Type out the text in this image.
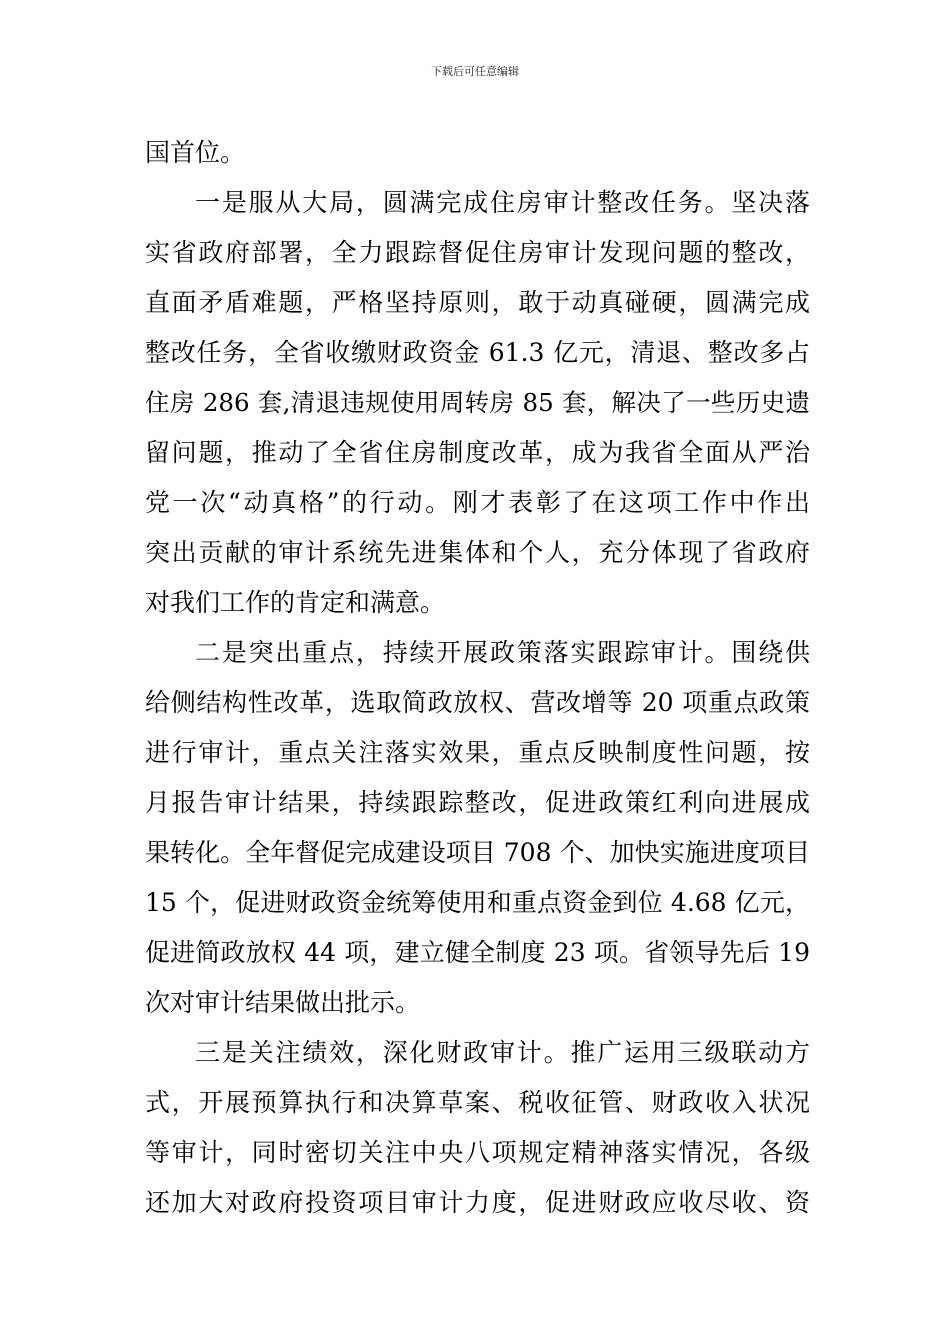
下载后可任意编辑
国首位。
一是服从大局，圆满完成住房审计整改任务。坚决落
实省政府部署，全力跟踪督促住房审计发现问题的整改，
直面矛盾难题，严格坚持原则，敢于动真碰硬，圆满完成
整改任务，全省收缴财政资金 61.3 亿元，清退、整改多占
住房 286 套,清退违规使用周转房 85 套，解决了一些历史遗
留问题，推动了全省住房制度改革，成为我省全面从严治
党一次“动真格”的行动。刚才表彰了在这项工作中作出
突出贡献的审计系统先进集体和个人，充分体现了省政府
对我们工作的肯定和满意。
二是突出重点，持续开展政策落实跟踪审计。围绕供
给侧结构性改革，选取简政放权、营改增等 20 项重点政策
进行审计，重点关注落实效果，重点反映制度性问题，按
月报告审计结果，持续跟踪整改，促进政策红利向进展成
果转化。全年督促完成建设项目 708 个、加快实施进度项目
15 个，促进财政资金统筹使用和重点资金到位 4.68 亿元，
促进简政放权 44 项，建立健全制度 23 项。省领导先后 19
次对审计结果做出批示。
三是关注绩效，深化财政审计。推广运用三级联动方
式，开展预算执行和决算草案、税收征管、财政收入状况
等审计，同时密切关注中央八项规定精神落实情况，各级
还加大对政府投资项目审计力度，促进财政应收尽收、资
